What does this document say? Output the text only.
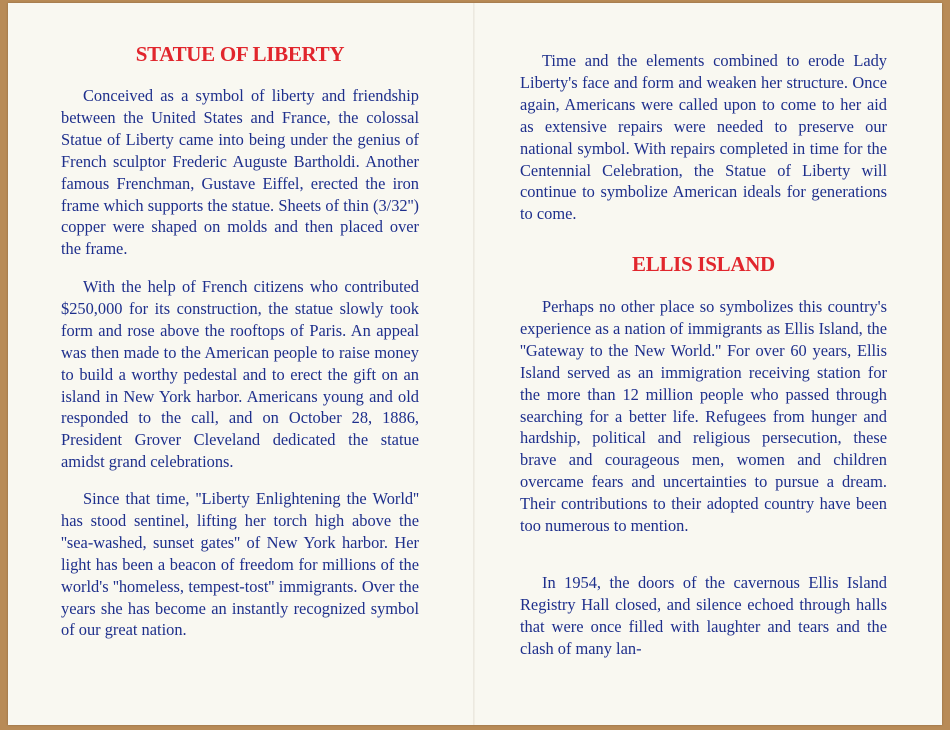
STATUE OF LIBERTY
Conceived as a symbol of liberty and friendship between the United States and France, the colossal Statue of Liberty came into being under the genius of French sculptor Frederic Auguste Bartholdi. Another famous Frenchman, Gustave Eiffel, erected the iron frame which supports the statue. Sheets of thin (3/32'') copper were shaped on molds and then placed over the frame.
With the help of French citizens who contributed $250,000 for its construction, the statue slowly took form and rose above the rooftops of Paris. An appeal was then made to the American people to raise money to build a worthy pedestal and to erect the gift on an island in New York harbor. Americans young and old responded to the call, and on October 28, 1886, President Grover Cleveland dedicated the statue amidst grand celebrations.
Since that time, ''Liberty Enlightening the World'' has stood sentinel, lifting her torch high above the ''sea-washed, sunset gates'' of New York harbor. Her light has been a beacon of freedom for millions of the world's ''homeless, tempest-tost'' immigrants. Over the years she has become an instantly recognized symbol of our great nation.
Time and the elements combined to erode Lady Liberty's face and form and weaken her structure. Once again, Americans were called upon to come to her aid as extensive repairs were needed to preserve our national symbol. With repairs completed in time for the Centennial Celebration, the Statue of Liberty will continue to symbolize American ideals for generations to come.
ELLIS ISLAND
Perhaps no other place so symbolizes this country's experience as a nation of immigrants as Ellis Island, the ''Gateway to the New World.'' For over 60 years, Ellis Island served as an immigration receiving station for the more than 12 million people who passed through searching for a better life. Refugees from hunger and hardship, political and religious persecution, these brave and courageous men, women and children overcame fears and uncertainties to pursue a dream. Their contributions to their adopted country have been too numerous to mention.
In 1954, the doors of the cavernous Ellis Island Registry Hall closed, and silence echoed through halls that were once filled with laughter and tears and the clash of many lan-
